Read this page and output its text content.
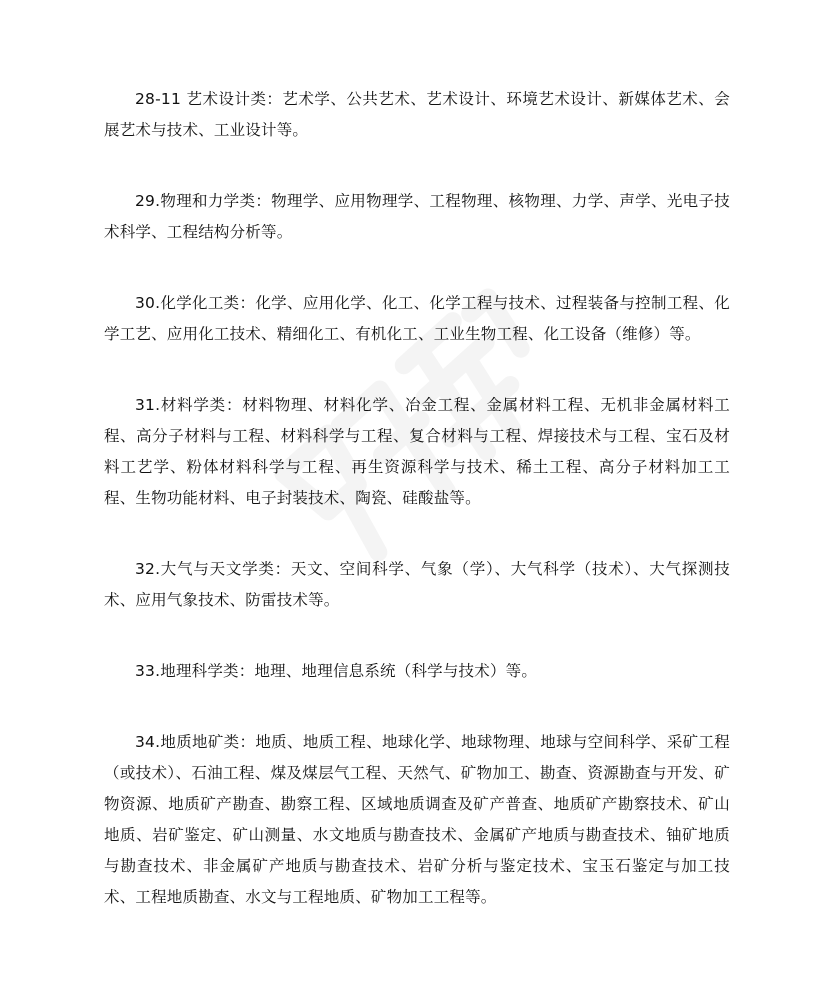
28-11 艺术设计类：艺术学、公共艺术、艺术设计、环境艺术设计、新媒体艺术、会展艺术与技术、工业设计等。

29.物理和力学类：物理学、应用物理学、工程物理、核物理、力学、声学、光电子技术科学、工程结构分析等。

30.化学化工类：化学、应用化学、化工、化学工程与技术、过程装备与控制工程、化学工艺、应用化工技术、精细化工、有机化工、工业生物工程、化工设备（维修）等。

31.材料学类：材料物理、材料化学、冶金工程、金属材料工程、无机非金属材料工程、高分子材料与工程、材料科学与工程、复合材料与工程、焊接技术与工程、宝石及材料工艺学、粉体材料科学与工程、再生资源科学与技术、稀土工程、高分子材料加工工程、生物功能材料、电子封装技术、陶瓷、硅酸盐等。

32.大气与天文学类：天文、空间科学、气象（学）、大气科学（技术）、大气探测技术、应用气象技术、防雷技术等。

33.地理科学类：地理、地理信息系统（科学与技术）等。

34.地质地矿类：地质、地质工程、地球化学、地球物理、地球与空间科学、采矿工程（或技术）、石油工程、煤及煤层气工程、天然气、矿物加工、勘查、资源勘查与开发、矿物资源、地质矿产勘查、勘察工程、区域地质调查及矿产普查、地质矿产勘察技术、矿山地质、岩矿鉴定、矿山测量、水文地质与勘查技术、金属矿产地质与勘查技术、铀矿地质与勘查技术、非金属矿产地质与勘查技术、岩矿分析与鉴定技术、宝玉石鉴定与加工技术、工程地质勘查、水文与工程地质、矿物加工工程等。
